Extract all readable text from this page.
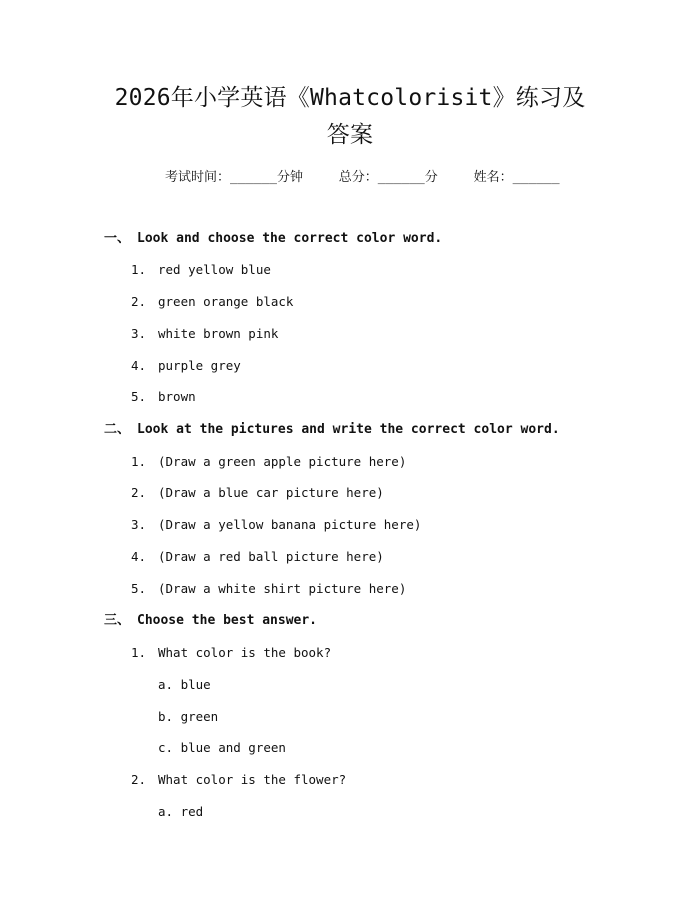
2026年小学英语《Whatcolorisit》练习及
答案
考试时间：______分钟	总分：______分	姓名：______
一、 Look and choose the correct color word.
1. red yellow blue
2. green orange black
3. white brown pink
4. purple grey
5. brown
二、 Look at the pictures and write the correct color word.
1. (Draw a green apple picture here)
2. (Draw a blue car picture here)
3. (Draw a yellow banana picture here)
4. (Draw a red ball picture here)
5. (Draw a white shirt picture here)
三、 Choose the best answer.
1. What color is the book?
a. blue
b. green
c. blue and green
2. What color is the flower?
a. red
